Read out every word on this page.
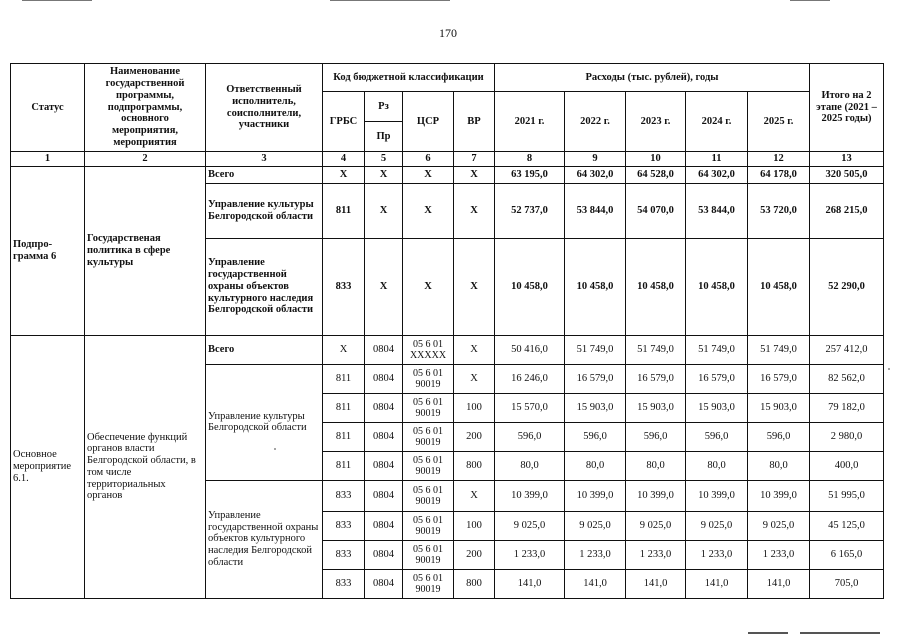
170
Статус	Наименование государственной программы, подпрограммы, основного мероприятия, мероприятия	Ответственный исполнитель, соисполнители, участники	Код бюджетной классификации				Расходы (тыс. рублей), годы					Итого на 2 этапе (2021 – 2025 годы)
			ГРБС	Рз	ЦСР	ВР	2021 г.	2022 г.	2023 г.	2024 г.	2025 г.	
				Пр								
1	2	3	4	5	6	7	8	9	10	11	12	13
Подпро-грамма 6	Государственая политика в сфере культуры	Всего	Х	Х	Х	Х	63 195,0	64 302,0	64 528,0	64 302,0	64 178,0	320 505,0
		Управление культуры Белгородской области	811	Х	Х	Х	52 737,0	53 844,0	54 070,0	53 844,0	53 720,0	268 215,0
		Управление государственной охраны объектов культурного наследия Белгородской области	833	Х	Х	Х	10 458,0	10 458,0	10 458,0	10 458,0	10 458,0	52 290,0
Основное мероприятие 6.1.	Обеспечение функций органов власти Белгородской области, в том числе территориальных органов	Всего	Х	0804	05 6 01 ХХХХХ	Х	50 416,0	51 749,0	51 749,0	51 749,0	51 749,0	257 412,0
		Управление культуры Белгородской области	811	0804	05 6 01 90019	Х	16 246,0	16 579,0	16 579,0	16 579,0	16 579,0	82 562,0
			811	0804	05 6 01 90019	100	15 570,0	15 903,0	15 903,0	15 903,0	15 903,0	79 182,0
			811	0804	05 6 01 90019	200	596,0	596,0	596,0	596,0	596,0	2 980,0
			811	0804	05 6 01 90019	800	80,0	80,0	80,0	80,0	80,0	400,0
		Управление государственной охраны объектов культурного наследия Белгородской области	833	0804	05 6 01 90019	Х	10 399,0	10 399,0	10 399,0	10 399,0	10 399,0	51 995,0
			833	0804	05 6 01 90019	100	9 025,0	9 025,0	9 025,0	9 025,0	9 025,0	45 125,0
			833	0804	05 6 01 90019	200	1 233,0	1 233,0	1 233,0	1 233,0	1 233,0	6 165,0
			833	0804	05 6 01 90019	800	141,0	141,0	141,0	141,0	141,0	705,0
